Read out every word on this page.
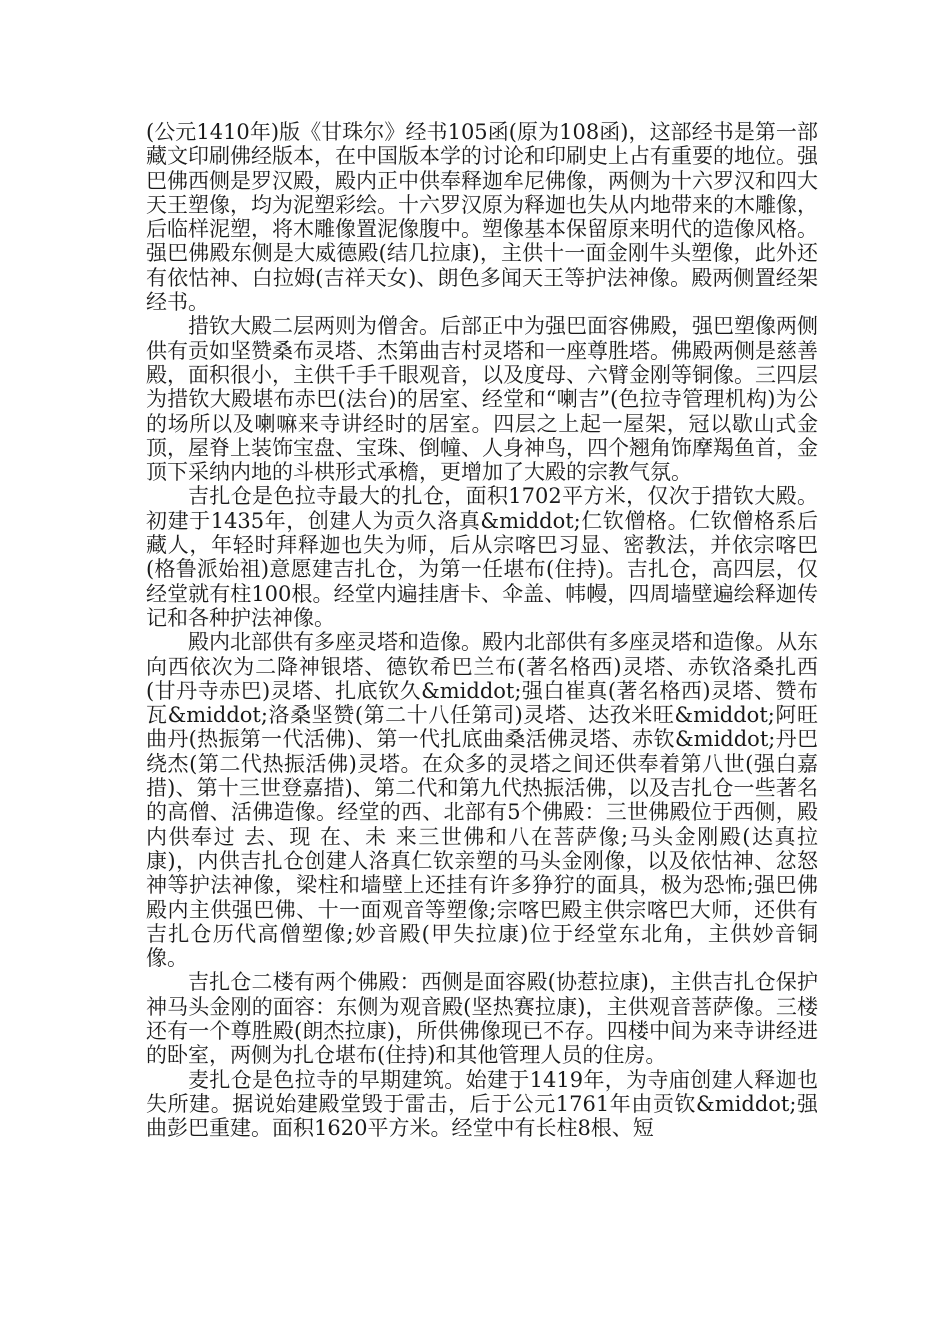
(公元1410年)版《甘珠尔》经书105函(原为108函)，这部经书是第一部藏文印刷佛经版本，在中国版本学的讨论和印刷史上占有重要的地位。强巴佛西侧是罗汉殿，殿内正中供奉释迦牟尼佛像，两侧为十六罗汉和四大天王塑像，均为泥塑彩绘。十六罗汉原为释迦也失从内地带来的木雕像，后临样泥塑，将木雕像置泥像腹中。塑像基本保留原来明代的造像风格。强巴佛殿东侧是大威德殿(结几拉康)，主供十一面金刚牛头塑像，此外还有依怙神、白拉姆(吉祥天女)、朗色多闻天王等护法神像。殿两侧置经架经书。

措钦大殿二层两则为僧舍。后部正中为强巴面容佛殿，强巴塑像两侧供有贡如坚赞桑布灵塔、杰第曲吉村灵塔和一座尊胜塔。佛殿两侧是慈善殿，面积很小，主供千手千眼观音，以及度母、六臂金刚等铜像。三四层为措钦大殿堪布赤巴(法台)的居室、经堂和“喇吉”(色拉寺管理机构)为公的场所以及喇嘛来寺讲经时的居室。四层之上起一屋架，冠以歇山式金顶，屋脊上装饰宝盘、宝珠、倒幢、人身神鸟，四个翘角饰摩羯鱼首，金顶下采纳内地的斗栱形式承檐，更增加了大殿的宗教气氛。

吉扎仓是色拉寺最大的扎仓，面积1702平方米，仅次于措钦大殿。初建于1435年，创建人为贡久洛真&middot;仁钦僧格。仁钦僧格系后藏人，年轻时拜释迦也失为师，后从宗喀巴习显、密教法，并依宗喀巴(格鲁派始祖)意愿建吉扎仓，为第一任堪布(住持)。吉扎仓，高四层，仅经堂就有柱100根。经堂内遍挂唐卡、伞盖、帏幔，四周墙壁遍绘释迦传记和各种护法神像。

殿内北部供有多座灵塔和造像。殿内北部供有多座灵塔和造像。从东向西依次为二降神银塔、德钦希巴兰布(著名格西)灵塔、赤钦洛桑扎西(甘丹寺赤巴)灵塔、扎底钦久&middot;强白崔真(著名格西)灵塔、赞布瓦&middot;洛桑坚赞(第二十八任第司)灵塔、达孜米旺&middot;阿旺曲丹(热振第一代活佛)、第一代扎底曲桑活佛灵塔、赤钦&middot;丹巴绕杰(第二代热振活佛)灵塔。在众多的灵塔之间还供奉着第八世(强白嘉措)、第十三世登嘉措)、第二代和第九代热振活佛，以及吉扎仓一些著名的高僧、活佛造像。经堂的西、北部有5个佛殿：三世佛殿位于西侧，殿内供奉过 去、现 在、未 来三世佛和八在菩萨像;马头金刚殿(达真拉康)，内供吉扎仓创建人洛真仁钦亲塑的马头金刚像，以及依怙神、忿怒神等护法神像，梁柱和墙壁上还挂有许多狰狞的面具，极为恐怖;强巴佛殿内主供强巴佛、十一面观音等塑像;宗喀巴殿主供宗喀巴大师，还供有吉扎仓历代高僧塑像;妙音殿(甲失拉康)位于经堂东北角，主供妙音铜像。

吉扎仓二楼有两个佛殿：西侧是面容殿(协惹拉康)，主供吉扎仓保护神马头金刚的面容：东侧为观音殿(坚热赛拉康)，主供观音菩萨像。三楼还有一个尊胜殿(朗杰拉康)，所供佛像现已不存。四楼中间为来寺讲经进的卧室，两侧为扎仓堪布(住持)和其他管理人员的住房。

麦扎仓是色拉寺的早期建筑。始建于1419年，为寺庙创建人释迦也失所建。据说始建殿堂毁于雷击，后于公元1761年由贡钦&middot;强曲彭巴重建。面积1620平方米。经堂中有长柱8根、短
